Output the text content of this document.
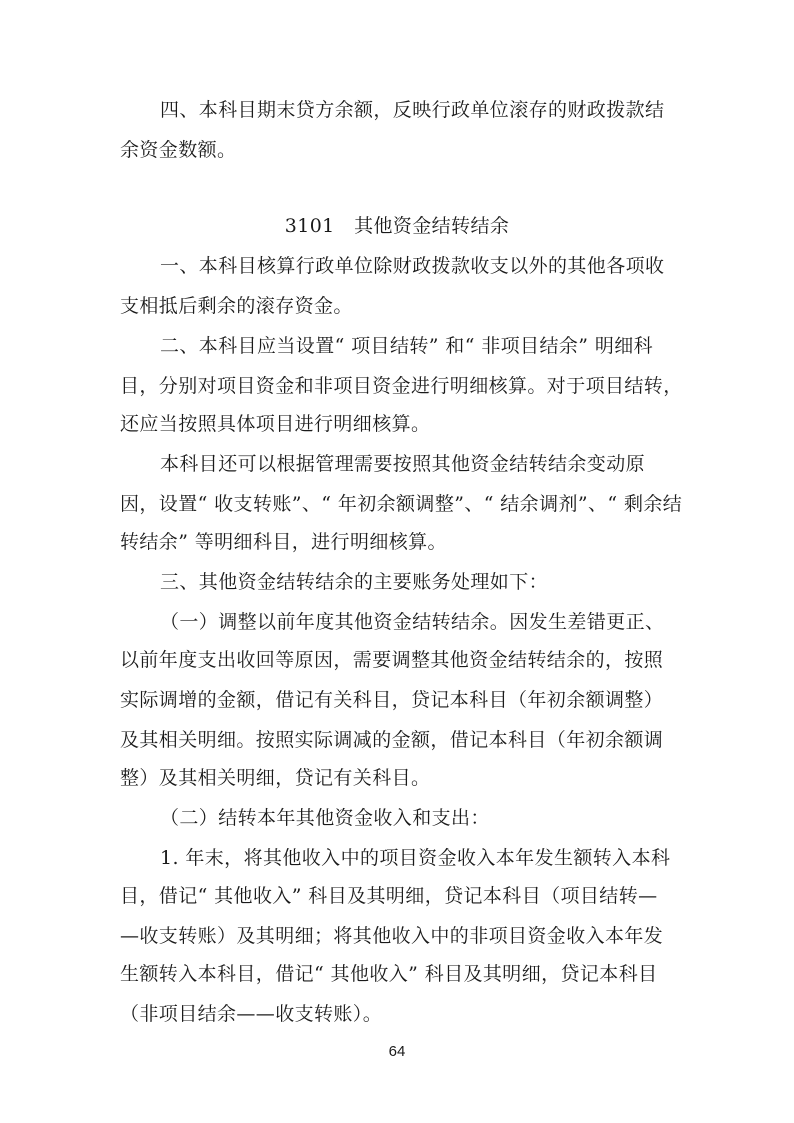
四、本科目期末贷方余额，反映行政单位滚存的财政拨款结
余资金数额。
3101　其他资金结转结余
一、本科目核算行政单位除财政拨款收支以外的其他各项收
支相抵后剩余的滚存资金。
二、本科目应当设置“ 项目结转” 和“ 非项目结余” 明细科
目，分别对项目资金和非项目资金进行明细核算。对于项目结转，
还应当按照具体项目进行明细核算。
本科目还可以根据管理需要按照其他资金结转结余变动原
因，设置“ 收支转账”、“ 年初余额调整”、“ 结余调剂”、“ 剩余结
转结余” 等明细科目，进行明细核算。
三、其他资金结转结余的主要账务处理如下：
（一）调整以前年度其他资金结转结余。因发生差错更正、
以前年度支出收回等原因，需要调整其他资金结转结余的，按照
实际调增的金额，借记有关科目，贷记本科目（年初余额调整）
及其相关明细。按照实际调减的金额，借记本科目（年初余额调
整）及其相关明细，贷记有关科目。
（二）结转本年其他资金收入和支出：
1. 年末，将其他收入中的项目资金收入本年发生额转入本科
目，借记“ 其他收入” 科目及其明细，贷记本科目（项目结转—
—收支转账）及其明细；将其他收入中的非项目资金收入本年发
生额转入本科目，借记“ 其他收入” 科目及其明细，贷记本科目
（非项目结余——收支转账）。
64
